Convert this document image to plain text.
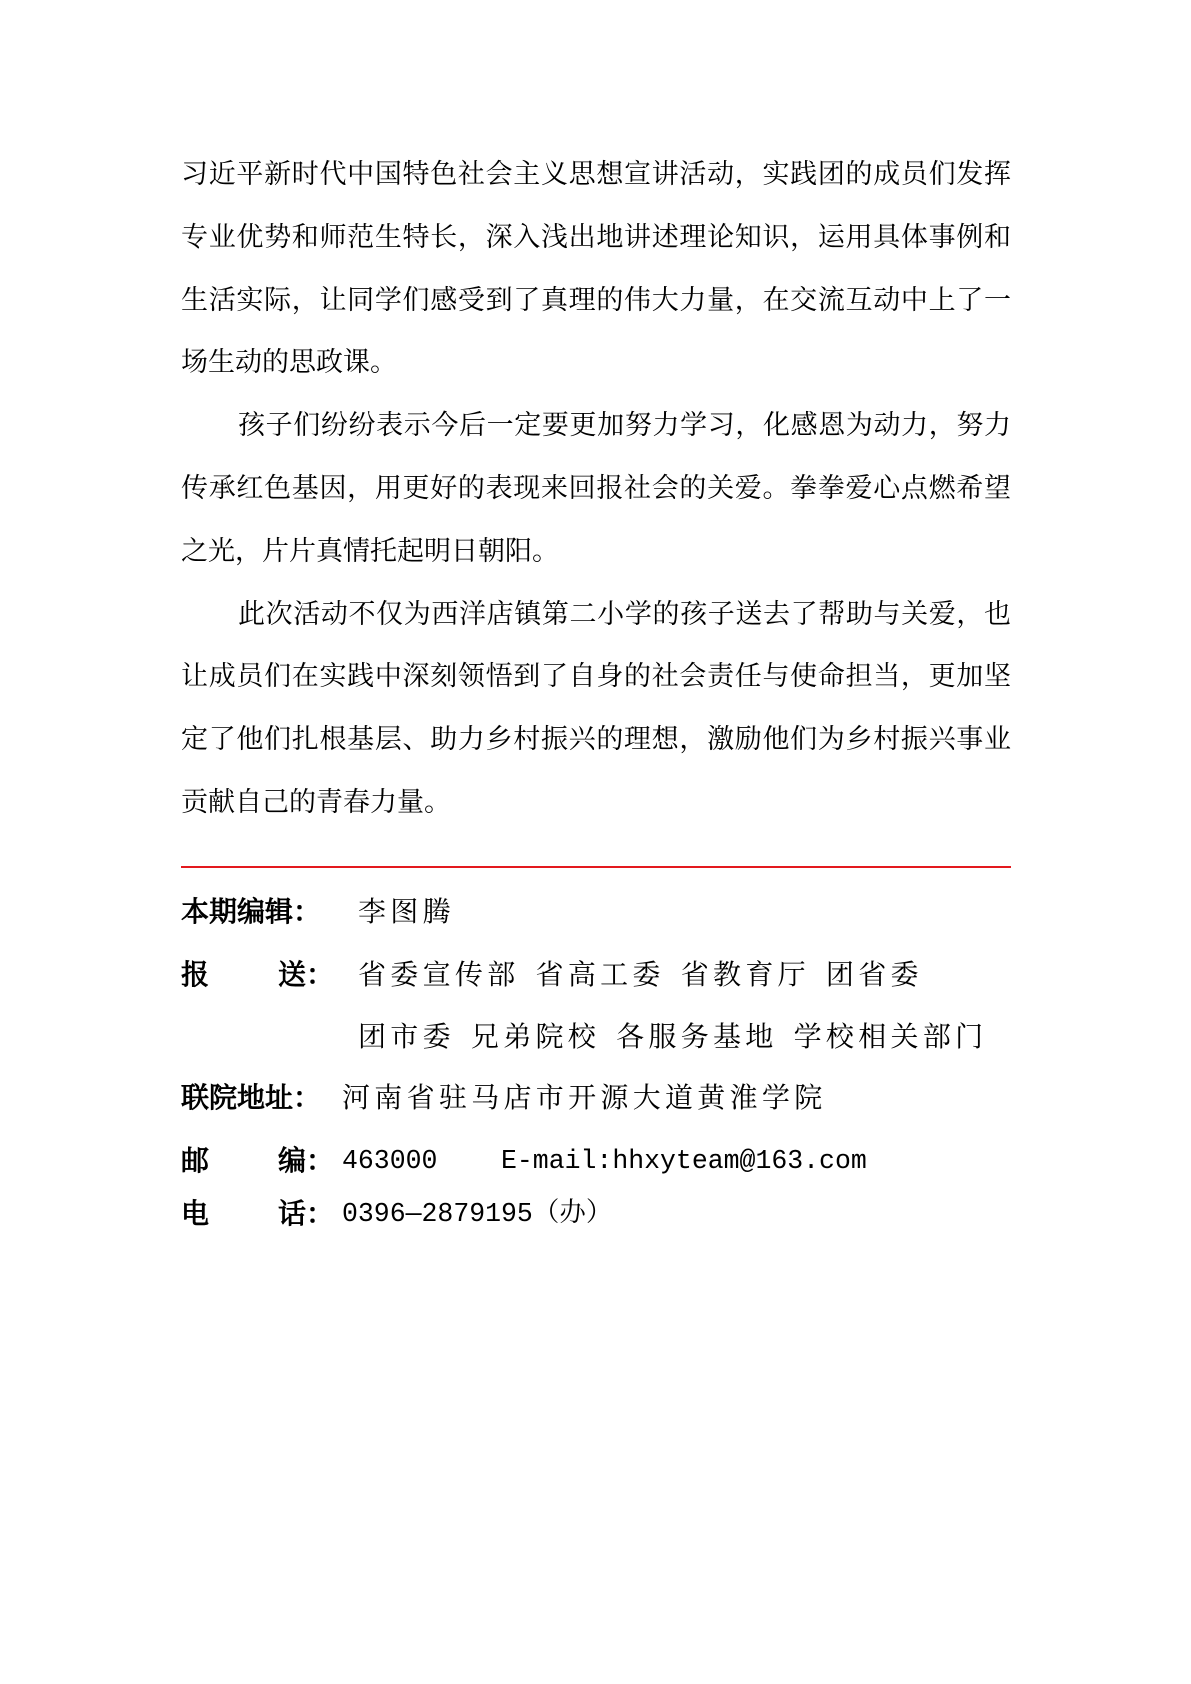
习近平新时代中国特色社会主义思想宣讲活动，实践团的成员们发挥
专业优势和师范生特长，深入浅出地讲述理论知识，运用具体事例和
生活实际，让同学们感受到了真理的伟大力量，在交流互动中上了一
场生动的思政课。
孩子们纷纷表示今后一定要更加努力学习，化感恩为动力，努力
传承红色基因，用更好的表现来回报社会的关爱。拳拳爱心点燃希望
之光，片片真情托起明日朝阳。
此次活动不仅为西洋店镇第二小学的孩子送去了帮助与关爱，也
让成员们在实践中深刻领悟到了自身的社会责任与使命担当，更加坚
定了他们扎根基层、助力乡村振兴的理想，激励他们为乡村振兴事业
贡献自己的青春力量。
本期编辑： 李图腾
报 送： 省委宣传部 省高工委 省教育厅 团省委
团市委 兄弟院校 各服务基地 学校相关部门
联院地址： 河南省驻马店市开源大道黄淮学院
邮 编： 463000 E-mail:hhxyteam@163.com
电 话： 0396—2879195（办）
